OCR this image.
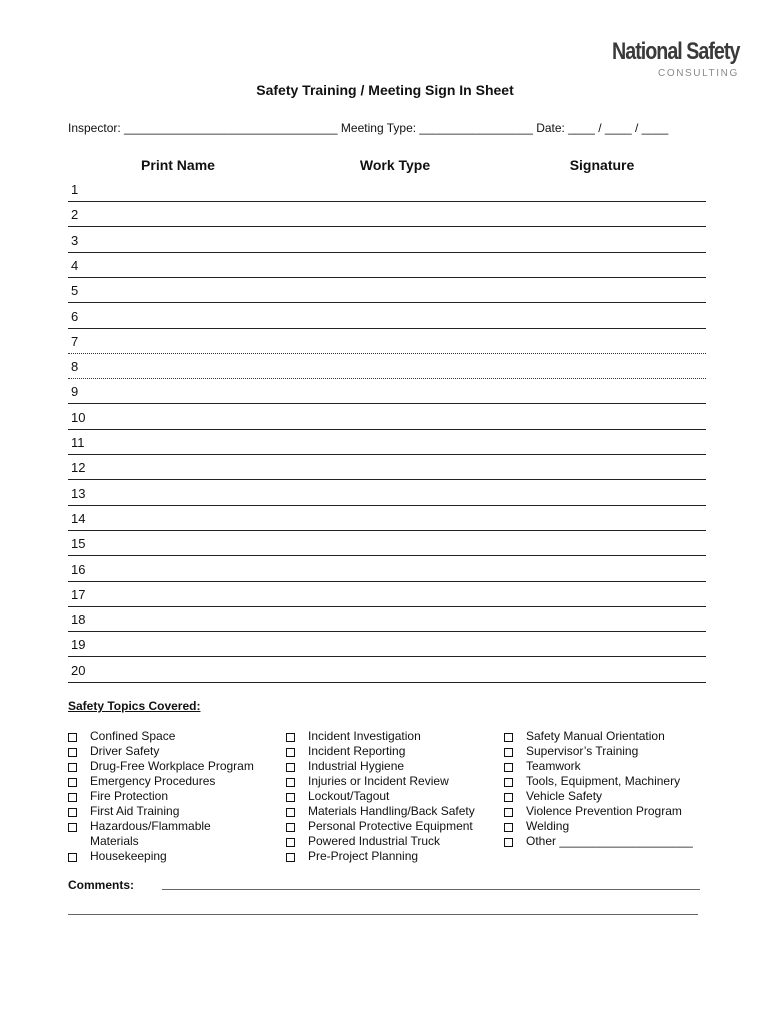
National Safety
CONSULTING
Safety Training / Meeting Sign In Sheet
Inspector: ________________________________ Meeting Type: _________________ Date: ____ / ____ / ____
Print Name	Work Type	Signature
1
2
3
4
5
6
7
8
9
10
11
12
13
14
15
16
17
18
19
20
Safety Topics Covered:
Confined Space
Driver Safety
Drug-Free Workplace Program
Emergency Procedures
Fire Protection
First Aid Training
Hazardous/Flammable
Materials
Housekeeping
Incident Investigation
Incident Reporting
Industrial Hygiene
Injuries or Incident Review
Lockout/Tagout
Materials Handling/Back Safety
Personal Protective Equipment
Powered Industrial Truck
Pre-Project Planning
Safety Manual Orientation
Supervisor’s Training
Teamwork
Tools, Equipment, Machinery
Vehicle Safety
Violence Prevention Program
Welding
Other ____________________
Comments:
